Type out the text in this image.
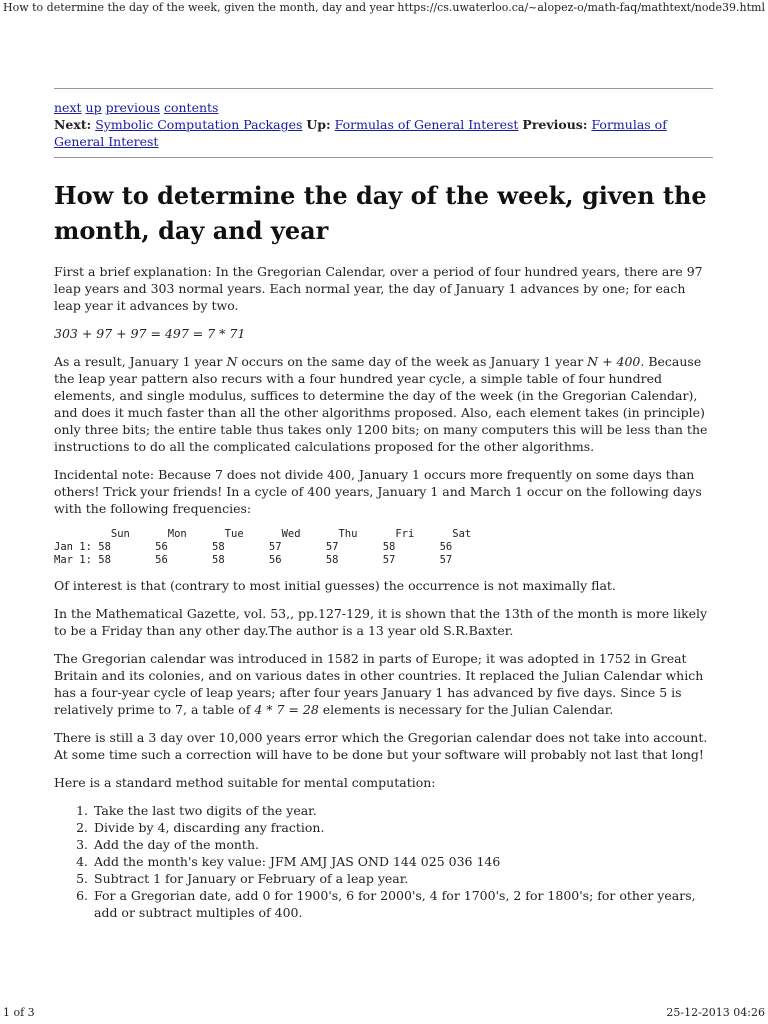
How to determine the day of the week, given the month, day and year https://cs.uwaterloo.ca/~alopez-o/math-faq/mathtext/node39.html
next up previous contents
Next: Symbolic Computation Packages Up: Formulas of General Interest Previous: Formulas of General Interest
How to determine the day of the week, given the month, day and year

First a brief explanation: In the Gregorian Calendar, over a period of four hundred years, there are 97 leap years and 303 normal years. Each normal year, the day of January 1 advances by one; for each leap year it advances by two.

303 + 97 + 97 = 497 = 7 * 71

As a result, January 1 year N occurs on the same day of the week as January 1 year N + 400. Because the leap year pattern also recurs with a four hundred year cycle, a simple table of four hundred elements, and single modulus, suffices to determine the day of the week (in the Gregorian Calendar), and does it much faster than all the other algorithms proposed. Also, each element takes (in principle) only three bits; the entire table thus takes only 1200 bits; on many computers this will be less than the instructions to do all the complicated calculations proposed for the other algorithms.

Incidental note: Because 7 does not divide 400, January 1 occurs more frequently on some days than others! Trick your friends! In a cycle of 400 years, January 1 and March 1 occur on the following days with the following frequencies:

Sun      Mon      Tue      Wed      Thu      Fri      Sat
Jan 1: 58       56       58       57       57       58       56
Mar 1: 58       56       58       56       58       57       57

Of interest is that (contrary to most initial guesses) the occurrence is not maximally flat.

In the Mathematical Gazette, vol. 53,, pp.127-129, it is shown that the 13th of the month is more likely to be a Friday than any other day.The author is a 13 year old S.R.Baxter.

The Gregorian calendar was introduced in 1582 in parts of Europe; it was adopted in 1752 in Great Britain and its colonies, and on various dates in other countries. It replaced the Julian Calendar which has a four-year cycle of leap years; after four years January 1 has advanced by five days. Since 5 is relatively prime to 7, a table of 4 * 7 = 28 elements is necessary for the Julian Calendar.

There is still a 3 day over 10,000 years error which the Gregorian calendar does not take into account. At some time such a correction will have to be done but your software will probably not last that long!

Here is a standard method suitable for mental computation:

1. Take the last two digits of the year.
2. Divide by 4, discarding any fraction.
3. Add the day of the month.
4. Add the month's key value: JFM AMJ JAS OND 144 025 036 146
5. Subtract 1 for January or February of a leap year.
6. For a Gregorian date, add 0 for 1900's, 6 for 2000's, 4 for 1700's, 2 for 1800's; for other years, add or subtract multiples of 400.
1 of 3	25-12-2013 04:26
